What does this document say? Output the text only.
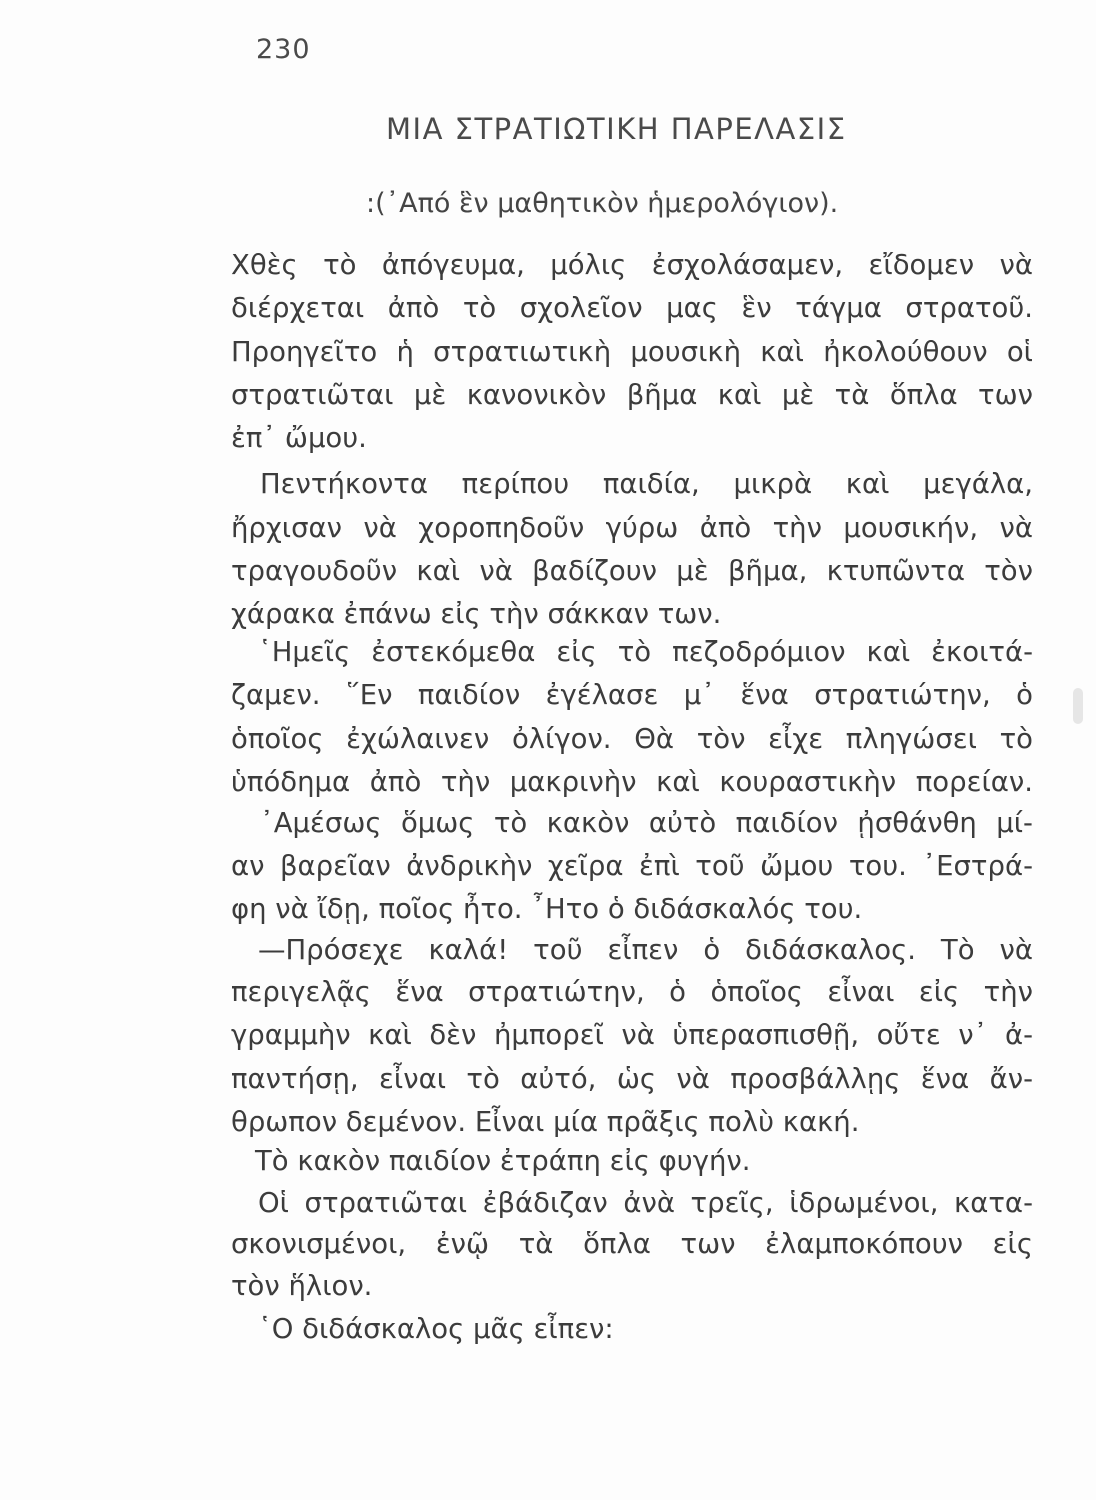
230
ΜΙΑ ΣΤΡΑΤΙΩΤΙΚΗ ΠΑΡΕΛΑΣΙΣ
:(᾿Από ἓν μαθητικὸν ἡμερολόγιον).
Χθὲς τὸ ἀπόγευμα, μόλις ἐσχολάσαμεν, εἴδομεν νὰ
διέρχεται ἀπὸ τὸ σχολεῖον μας ἓν τάγμα στρατοῦ.
Προηγεῖτο ἡ στρατιωτικὴ μουσικὴ καὶ ἠκολούθουν οἱ
στρατιῶται μὲ κανονικὸν βῆμα καὶ μὲ τὰ ὅπλα των
ἐπ᾿ ὤμου.
Πεντήκοντα περίπου παιδία, μικρὰ καὶ μεγάλα,
ἤρχισαν νὰ χοροπηδοῦν γύρω ἀπὸ τὴν μουσικήν, νὰ
τραγουδοῦν καὶ νὰ βαδίζουν μὲ βῆμα, κτυπῶντα τὸν
χάρακα ἐπάνω εἰς τὴν σάκκαν των.
῾Ημεῖς ἐστεκόμεθα εἰς τὸ πεζοδρόμιον καὶ ἐκοιτά-
ζαμεν. ῞Εν παιδίον ἐγέλασε μ᾿ ἕνα στρατιώτην, ὁ
ὁποῖος ἐχώλαινεν ὀλίγον. Θὰ τὸν εἶχε πληγώσει τὸ
ὑπόδημα ἀπὸ τὴν μακρινὴν καὶ κουραστικὴν πορείαν.
᾿Αμέσως ὅμως τὸ κακὸν αὐτὸ παιδίον ᾐσθάνθη μί-
αν βαρεῖαν ἀνδρικὴν χεῖρα ἐπὶ τοῦ ὤμου του. ᾿Εστρά-
φη νὰ ἴδῃ, ποῖος ἦτο. ῏Ητο ὁ διδάσκαλός του.
—Πρόσεχε καλά! τοῦ εἶπεν ὁ διδάσκαλος. Τὸ νὰ
περιγελᾷς ἕνα στρατιώτην, ὁ ὁποῖος εἶναι εἰς τὴν
γραμμὴν καὶ δὲν ἠμπορεῖ νὰ ὑπερασπισθῇ, οὔτε ν᾿ ἀ-
παντήσῃ, εἶναι τὸ αὐτό, ὡς νὰ προσβάλλῃς ἕνα ἄν-
θρωπον δεμένον. Εἶναι μία πρᾶξις πολὺ κακή.
Τὸ κακὸν παιδίον ἐτράπη εἰς φυγήν.
Οἱ στρατιῶται ἐβάδιζαν ἀνὰ τρεῖς, ἱδρωμένοι, κατα-
σκονισμένοι, ἐνῷ τὰ ὅπλα των ἐλαμποκόπουν εἰς
τὸν ἥλιον.
῾Ο διδάσκαλος μᾶς εἶπεν:
